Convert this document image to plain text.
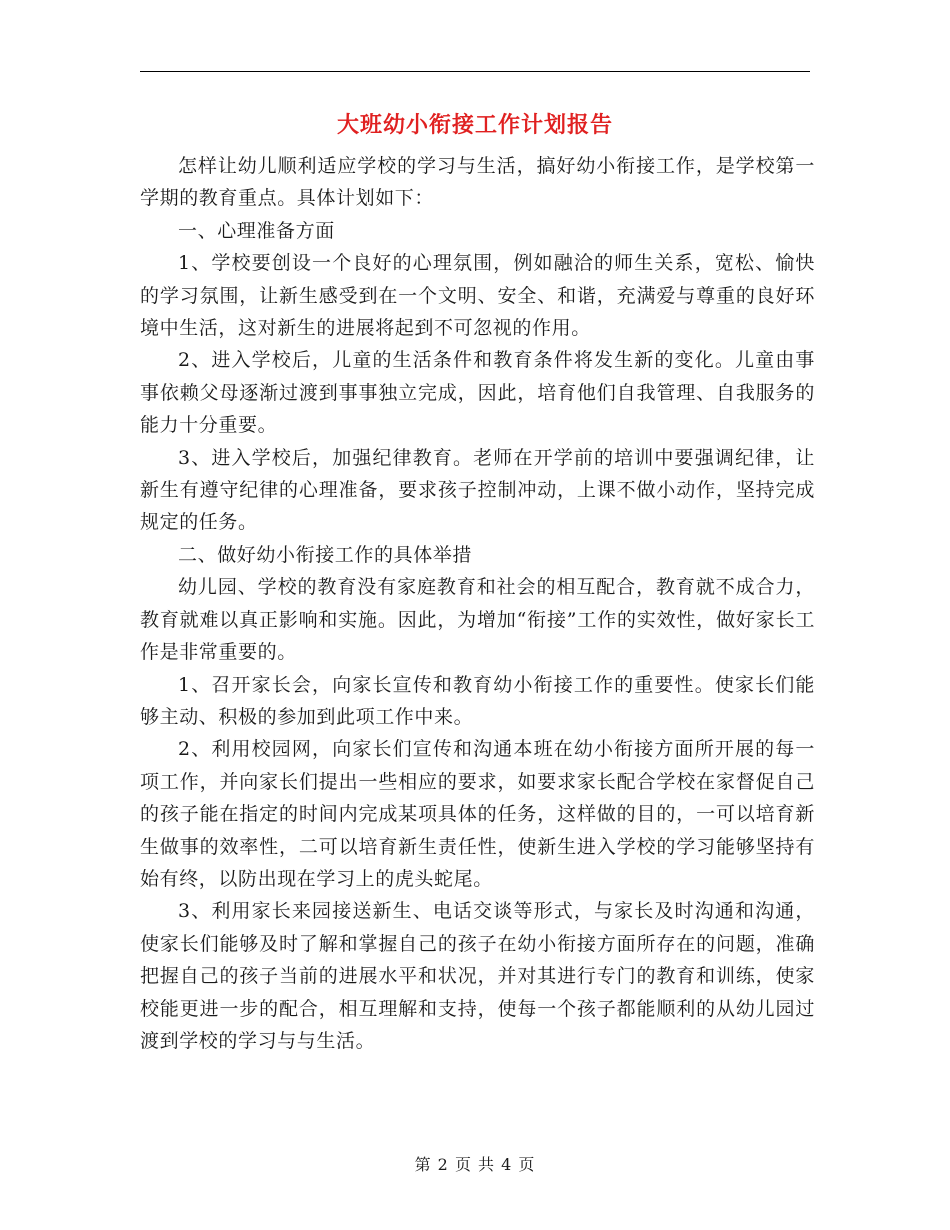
大班幼小衔接工作计划报告

怎样让幼儿顺利适应学校的学习与生活，搞好幼小衔接工作，是学校第一学期的教育重点。具体计划如下：

一、心理准备方面

1、学校要创设一个良好的心理氛围，例如融洽的师生关系，宽松、愉快的学习氛围，让新生感受到在一个文明、安全、和谐，充满爱与尊重的良好环境中生活，这对新生的进展将起到不可忽视的作用。

2、进入学校后，儿童的生活条件和教育条件将发生新的变化。儿童由事事依赖父母逐渐过渡到事事独立完成，因此，培育他们自我管理、自我服务的能力十分重要。

3、进入学校后，加强纪律教育。老师在开学前的培训中要强调纪律，让新生有遵守纪律的心理准备，要求孩子控制冲动，上课不做小动作，坚持完成规定的任务。

二、做好幼小衔接工作的具体举措

幼儿园、学校的教育没有家庭教育和社会的相互配合，教育就不成合力，教育就难以真正影响和实施。因此，为增加“衔接”工作的实效性，做好家长工作是非常重要的。

1、召开家长会，向家长宣传和教育幼小衔接工作的重要性。使家长们能够主动、积极的参加到此项工作中来。

2、利用校园网，向家长们宣传和沟通本班在幼小衔接方面所开展的每一项工作，并向家长们提出一些相应的要求，如要求家长配合学校在家督促自己的孩子能在指定的时间内完成某项具体的任务，这样做的目的，一可以培育新生做事的效率性，二可以培育新生责任性，使新生进入学校的学习能够坚持有始有终，以防出现在学习上的虎头蛇尾。

3、利用家长来园接送新生、电话交谈等形式，与家长及时沟通和沟通，使家长们能够及时了解和掌握自己的孩子在幼小衔接方面所存在的问题，准确把握自己的孩子当前的进展水平和状况，并对其进行专门的教育和训练，使家校能更进一步的配合，相互理解和支持，使每一个孩子都能顺利的从幼儿园过渡到学校的学习与与生活。

第 2 页 共 4 页
